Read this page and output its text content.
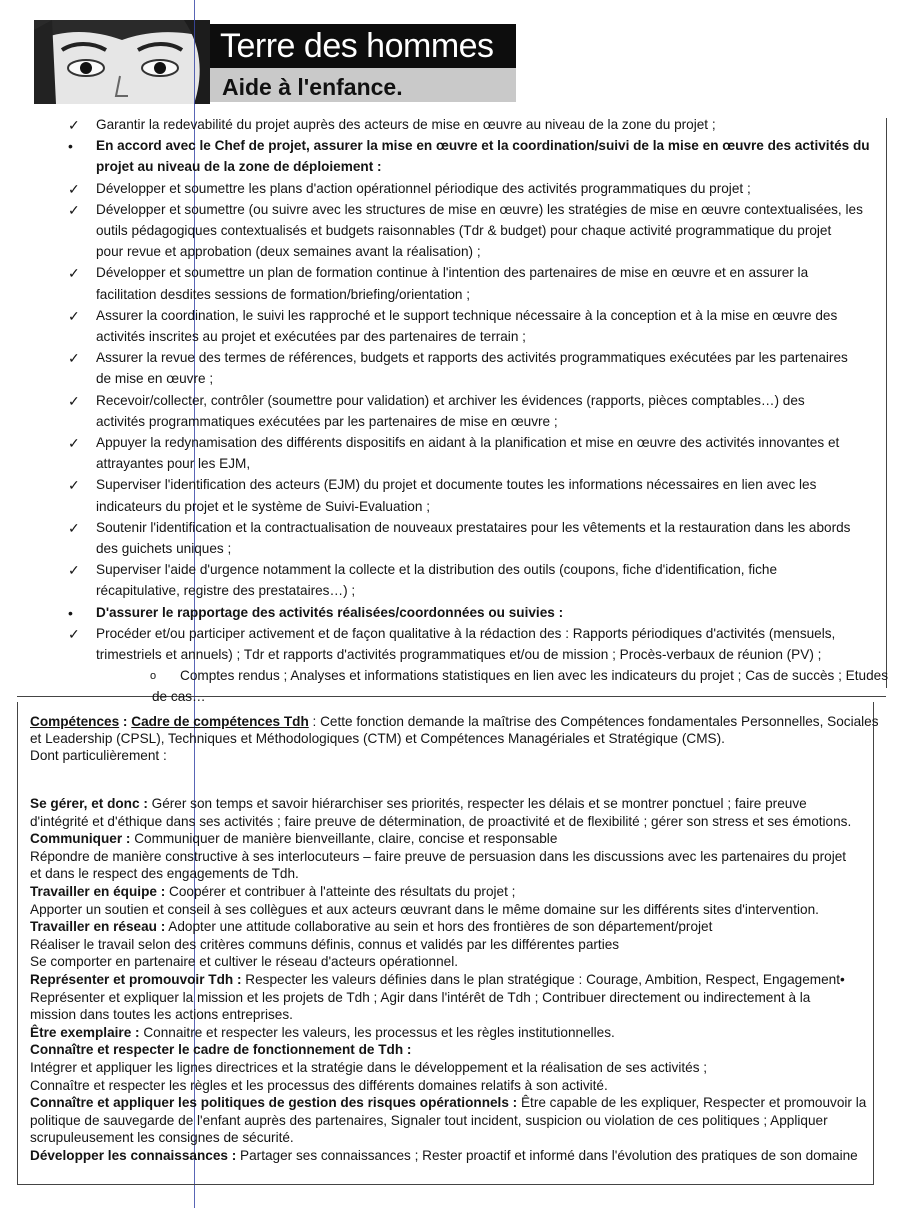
Terre des hommes
Aide à l'enfance.
✓ Garantir la redevabilité du projet auprès des acteurs de mise en œuvre au niveau de la zone du projet ;
• En accord avec le Chef de projet, assurer la mise en œuvre et la coordination/suivi de la mise en œuvre des activités du
projet au niveau de la zone de déploiement :
✓ Développer et soumettre les plans d'action opérationnel périodique des activités programmatiques du projet ;
✓ Développer et soumettre (ou suivre avec les structures de mise en œuvre) les stratégies de mise en œuvre contextualisées, les
outils pédagogiques contextualisés et budgets raisonnables (Tdr & budget) pour chaque activité programmatique du projet
pour revue et approbation (deux semaines avant la réalisation) ;
✓ Développer et soumettre un plan de formation continue à l'intention des partenaires de mise en œuvre et en assurer la
facilitation desdites sessions de formation/briefing/orientation ;
✓ Assurer la coordination, le suivi les rapproché et le support technique nécessaire à la conception et à la mise en œuvre des
activités inscrites au projet et exécutées par des partenaires de terrain ;
✓ Assurer la revue des termes de références, budgets et rapports des activités programmatiques exécutées par les partenaires
de mise en œuvre ;
✓ Recevoir/collecter, contrôler (soumettre pour validation) et archiver les évidences (rapports, pièces comptables…) des
activités programmatiques exécutées par les partenaires de mise en œuvre ;
✓ Appuyer la redynamisation des différents dispositifs en aidant à la planification et mise en œuvre des activités innovantes et
attrayantes pour les EJM,
✓ Superviser l'identification des acteurs (EJM) du projet et documente toutes les informations nécessaires en lien avec les
indicateurs du projet et le système de Suivi-Evaluation ;
✓ Soutenir l'identification et la contractualisation de nouveaux prestataires pour les vêtements et la restauration dans les abords
des guichets uniques ;
✓ Superviser l'aide d'urgence notamment la collecte et la distribution des outils (coupons, fiche d'identification, fiche
récapitulative, registre des prestataires…) ;
• D'assurer le rapportage des activités réalisées/coordonnées ou suivies :
✓ Procéder et/ou participer activement et de façon qualitative à la rédaction des : Rapports périodiques d'activités (mensuels,
trimestriels et annuels) ; Tdr et rapports d'activités programmatiques et/ou de mission ; Procès-verbaux de réunion (PV) ;
o Comptes rendus ; Analyses et informations statistiques en lien avec les indicateurs du projet ; Cas de succès ; Etudes
de cas…

Compétences : Cadre de compétences Tdh : Cette fonction demande la maîtrise des Compétences fondamentales Personnelles, Sociales

et Leadership (CPSL), Techniques et Méthodologiques (CTM) et Compétences Managériales et Stratégique (CMS).

Dont particulièrement :

Se gérer, et donc : Gérer son temps et savoir hiérarchiser ses priorités, respecter les délais et se montrer ponctuel ; faire preuve
d'intégrité et d'éthique dans ses activités ; faire preuve de détermination, de proactivité et de flexibilité ; gérer son stress et ses émotions.
Communiquer : Communiquer de manière bienveillante, claire, concise et responsable
Répondre de manière constructive à ses interlocuteurs – faire preuve de persuasion dans les discussions avec les partenaires du projet
et dans le respect des engagements de Tdh.
Travailler en équipe : Coopérer et contribuer à l'atteinte des résultats du projet ;
Apporter un soutien et conseil à ses collègues et aux acteurs œuvrant dans le même domaine sur les différents sites d'intervention.
Travailler en réseau : Adopter une attitude collaborative au sein et hors des frontières de son département/projet
Réaliser le travail selon des critères communs définis, connus et validés par les différentes parties
Se comporter en partenaire et cultiver le réseau d'acteurs opérationnel.
Représenter et promouvoir Tdh : Respecter les valeurs définies dans le plan stratégique : Courage, Ambition, Respect, Engagement•
Représenter et expliquer la mission et les projets de Tdh ; Agir dans l'intérêt de Tdh ; Contribuer directement ou indirectement à la
mission dans toutes les actions entreprises.
Être exemplaire : Connaitre et respecter les valeurs, les processus et les règles institutionnelles.
Connaître et respecter le cadre de fonctionnement de Tdh :
Intégrer et appliquer les lignes directrices et la stratégie dans le développement et la réalisation de ses activités ;
Connaître et respecter les règles et les processus des différents domaines relatifs à son activité.
Connaître et appliquer les politiques de gestion des risques opérationnels : Être capable de les expliquer, Respecter et promouvoir la
politique de sauvegarde de l'enfant auprès des partenaires, Signaler tout incident, suspicion ou violation de ces politiques ; Appliquer
scrupuleusement les consignes de sécurité.
Développer les connaissances : Partager ses connaissances ; Rester proactif et informé dans l'évolution des pratiques de son domaine
